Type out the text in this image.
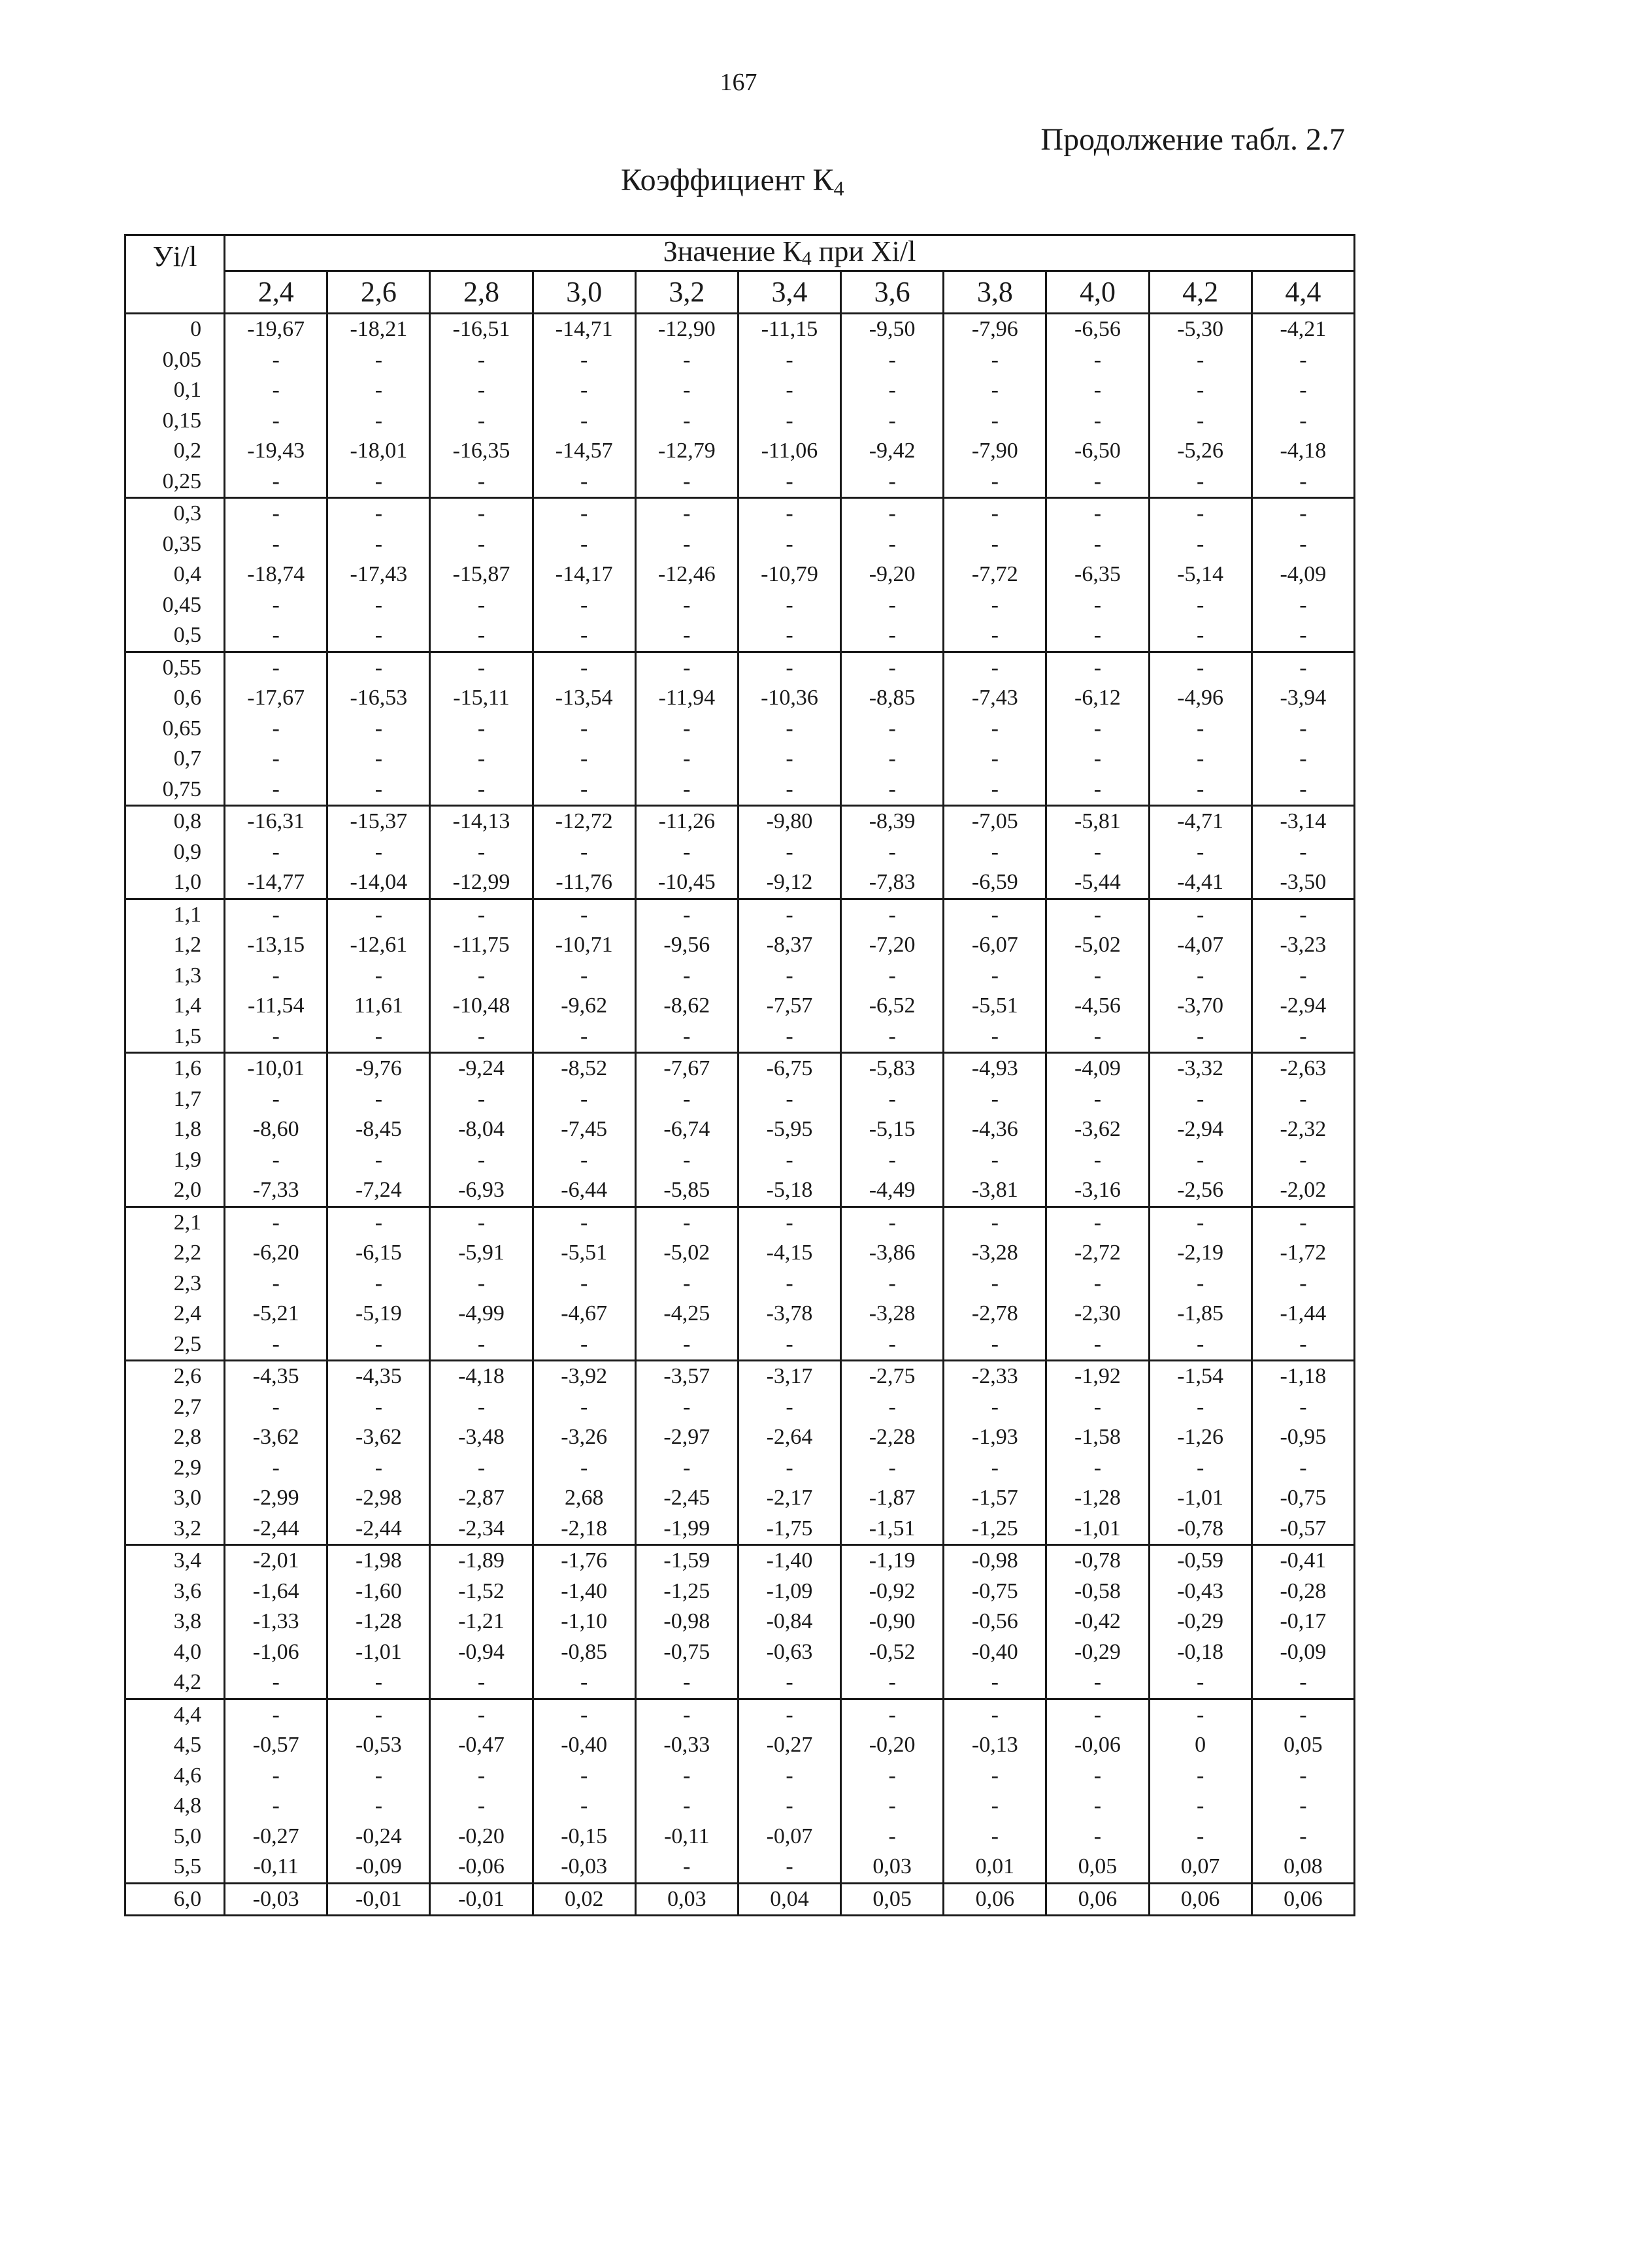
167
Продолжение табл. 2.7
Коэффициент $К_4$
Уi/l	Значение $К_4$ при Xi/l										
	2,4	2,6	2,8	3,0	3,2	3,4	3,6	3,8	4,0	4,2	4,4
0	-19,67	-18,21	-16,51	-14,71	-12,90	-11,15	-9,50	-7,96	-6,56	-5,30	-4,21
0,05	-	-	-	-	-	-	-	-	-	-	-
0,1	-	-	-	-	-	-	-	-	-	-	-
0,15	-	-	-	-	-	-	-	-	-	-	-
0,2	-19,43	-18,01	-16,35	-14,57	-12,79	-11,06	-9,42	-7,90	-6,50	-5,26	-4,18
0,25	-	-	-	-	-	-	-	-	-	-	-
0,3	-	-	-	-	-	-	-	-	-	-	-
0,35	-	-	-	-	-	-	-	-	-	-	-
0,4	-18,74	-17,43	-15,87	-14,17	-12,46	-10,79	-9,20	-7,72	-6,35	-5,14	-4,09
0,45	-	-	-	-	-	-	-	-	-	-	-
0,5	-	-	-	-	-	-	-	-	-	-	-
0,55	-	-	-	-	-	-	-	-	-	-	-
0,6	-17,67	-16,53	-15,11	-13,54	-11,94	-10,36	-8,85	-7,43	-6,12	-4,96	-3,94
0,65	-	-	-	-	-	-	-	-	-	-	-
0,7	-	-	-	-	-	-	-	-	-	-	-
0,75	-	-	-	-	-	-	-	-	-	-	-
0,8	-16,31	-15,37	-14,13	-12,72	-11,26	-9,80	-8,39	-7,05	-5,81	-4,71	-3,14
0,9	-	-	-	-	-	-	-	-	-	-	-
1,0	-14,77	-14,04	-12,99	-11,76	-10,45	-9,12	-7,83	-6,59	-5,44	-4,41	-3,50
1,1	-	-	-	-	-	-	-	-	-	-	-
1,2	-13,15	-12,61	-11,75	-10,71	-9,56	-8,37	-7,20	-6,07	-5,02	-4,07	-3,23
1,3	-	-	-	-	-	-	-	-	-	-	-
1,4	-11,54	11,61	-10,48	-9,62	-8,62	-7,57	-6,52	-5,51	-4,56	-3,70	-2,94
1,5	-	-	-	-	-	-	-	-	-	-	-
1,6	-10,01	-9,76	-9,24	-8,52	-7,67	-6,75	-5,83	-4,93	-4,09	-3,32	-2,63
1,7	-	-	-	-	-	-	-	-	-	-	-
1,8	-8,60	-8,45	-8,04	-7,45	-6,74	-5,95	-5,15	-4,36	-3,62	-2,94	-2,32
1,9	-	-	-	-	-	-	-	-	-	-	-
2,0	-7,33	-7,24	-6,93	-6,44	-5,85	-5,18	-4,49	-3,81	-3,16	-2,56	-2,02
2,1	-	-	-	-	-	-	-	-	-	-	-
2,2	-6,20	-6,15	-5,91	-5,51	-5,02	-4,15	-3,86	-3,28	-2,72	-2,19	-1,72
2,3	-	-	-	-	-	-	-	-	-	-	-
2,4	-5,21	-5,19	-4,99	-4,67	-4,25	-3,78	-3,28	-2,78	-2,30	-1,85	-1,44
2,5	-	-	-	-	-	-	-	-	-	-	-
2,6	-4,35	-4,35	-4,18	-3,92	-3,57	-3,17	-2,75	-2,33	-1,92	-1,54	-1,18
2,7	-	-	-	-	-	-	-	-	-	-	-
2,8	-3,62	-3,62	-3,48	-3,26	-2,97	-2,64	-2,28	-1,93	-1,58	-1,26	-0,95
2,9	-	-	-	-	-	-	-	-	-	-	-
3,0	-2,99	-2,98	-2,87	2,68	-2,45	-2,17	-1,87	-1,57	-1,28	-1,01	-0,75
3,2	-2,44	-2,44	-2,34	-2,18	-1,99	-1,75	-1,51	-1,25	-1,01	-0,78	-0,57
3,4	-2,01	-1,98	-1,89	-1,76	-1,59	-1,40	-1,19	-0,98	-0,78	-0,59	-0,41
3,6	-1,64	-1,60	-1,52	-1,40	-1,25	-1,09	-0,92	-0,75	-0,58	-0,43	-0,28
3,8	-1,33	-1,28	-1,21	-1,10	-0,98	-0,84	-0,90	-0,56	-0,42	-0,29	-0,17
4,0	-1,06	-1,01	-0,94	-0,85	-0,75	-0,63	-0,52	-0,40	-0,29	-0,18	-0,09
4,2	-	-	-	-	-	-	-	-	-	-	-
4,4	-	-	-	-	-	-	-	-	-	-	-
4,5	-0,57	-0,53	-0,47	-0,40	-0,33	-0,27	-0,20	-0,13	-0,06	0	0,05
4,6	-	-	-	-	-	-	-	-	-	-	-
4,8	-	-	-	-	-	-	-	-	-	-	-
5,0	-0,27	-0,24	-0,20	-0,15	-0,11	-0,07	-	-	-	-	-
5,5	-0,11	-0,09	-0,06	-0,03	-	-	0,03	0,01	0,05	0,07	0,08
6,0	-0,03	-0,01	-0,01	0,02	0,03	0,04	0,05	0,06	0,06	0,06	0,06
